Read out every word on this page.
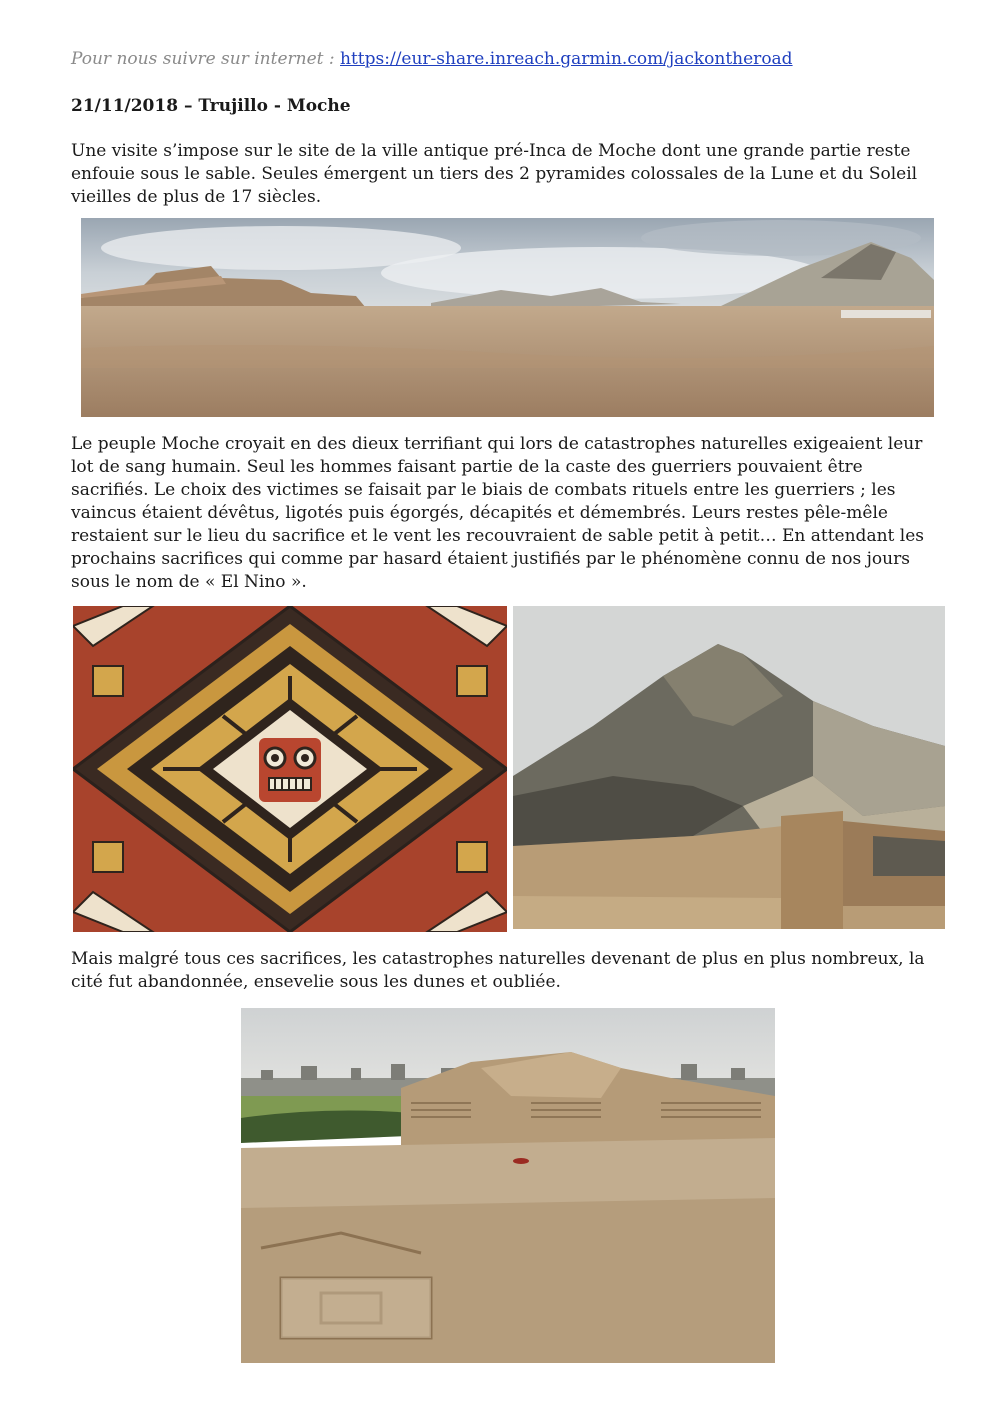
Pour nous suivre sur internet : https://eur-share.inreach.garmin.com/jackontheroad
21/11/2018 – Trujillo - Moche

Une visite s’impose sur le site de la ville antique pré-Inca de Moche dont une grande partie reste enfouie sous le sable. Seules émergent un tiers des 2 pyramides colossales de la Lune et du Soleil vieilles de plus de 17 siècles.

Le peuple Moche croyait en des dieux terrifiant qui lors de catastrophes naturelles exigeaient leur lot de sang humain. Seul les hommes faisant partie de la caste des guerriers pouvaient être sacrifiés. Le choix des victimes se faisait par le biais de combats rituels entre les guerriers ; les vaincus étaient dévêtus, ligotés puis égorgés, décapités et démembrés. Leurs restes pêle-mêle restaient sur le lieu du sacrifice et le vent les recouvraient de sable petit à petit… En attendant les prochains sacrifices qui comme par hasard étaient justifiés par le phénomène connu de nos jours sous le nom de « El Nino ».

Mais malgré tous ces sacrifices, les catastrophes naturelles devenant de plus en plus nombreux, la cité fut abandonnée, ensevelie sous les dunes et oubliée.
